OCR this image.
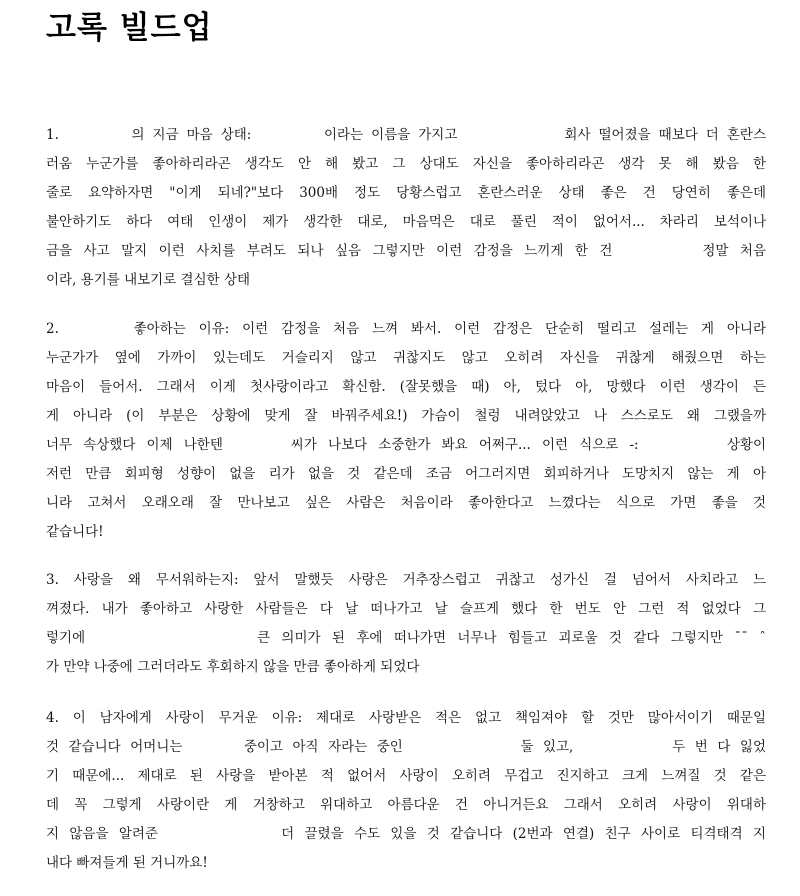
고록 빌드업
1.　　　　의 지금 마음 상태:　　　　이라는 이름을 가지고　　　　　　회사 떨어졌을 때보다 더 혼란스
러움 누군가를 좋아하리라곤 생각도 안 해 봤고 그 상대도 자신을 좋아하리라곤 생각 못 해 봤음 한
줄로 요약하자면 "이게 되네?"보다 300배 정도 당황스럽고 혼란스러운 상태 좋은 건 당연히 좋은데
불안하기도 하다 여태 인생이 제가 생각한 대로, 마음먹은 대로 풀린 적이 없어서... 차라리 보석이나
금을 사고 말지 이런 사치를 부려도 되나 싶음 그렇지만 이런 감정을 느끼게 한 건　　　　정말 처음
이라, 용기를 내보기로 결심한 상태
2.　　　좋아하는 이유: 이런 감정을 처음 느껴 봐서. 이런 감정은 단순히 떨리고 설레는 게 아니라
누군가가 옆에 가까이 있는데도 거슬리지 않고 귀찮지도 않고 오히려 자신을 귀찮게 해줬으면 하는
마음이 들어서. 그래서 이게 첫사랑이라고 확신함. (잘못했을 때) 아, 텄다 아, 망했다 이런 생각이 든
게 아니라 (이 부분은 상황에 맞게 잘 바꿔주세요!) 가슴이 철렁 내려앉았고 나 스스로도 왜 그랬을까
너무 속상했다 이제 나한텐　　　씨가 나보다 소중한가 봐요 어쩌구... 이런 식으로 -:　　　　상황이
저런 만큼 회피형 성향이 없을 리가 없을 것 같은데 조금 어그러지면 회피하거나 도망치지 않는 게 아
니라 고쳐서 오래오래 잘 만나보고 싶은 사람은 처음이라 좋아한다고 느꼈다는 식으로 가면 좋을 것
같습니다!
3. 사랑을 왜 무서워하는지: 앞서 말했듯 사랑은 거추장스럽고 귀찮고 성가신 걸 넘어서 사치라고 느
껴졌다. 내가 좋아하고 사랑한 사람들은 다 날 떠나가고 날 슬프게 했다 한 번도 안 그런 적 없었다 그
렇기에　　　　　　　　큰 의미가 된 후에 떠나가면 너무나 힘들고 괴로울 것 같다 그렇지만 ˉˉ ˆ
가 만약 나중에 그러더라도 후회하지 않을 만큼 좋아하게 되었다
4. 이 남자에게 사랑이 무거운 이유: 제대로 사랑받은 적은 없고 책임져야 할 것만 많아서이기 때문일
것 같습니다 어머니는　　　중이고 아직 자라는 중인　　　　　　둘 있고,　　　　　두 번 다 잃었
기 때문에... 제대로 된 사랑을 받아본 적 없어서 사랑이 오히려 무겁고 진지하고 크게 느껴질 것 같은
데 꼭 그렇게 사랑이란 게 거창하고 위대하고 아름다운 건 아니거든요 그래서 오히려 사랑이 위대하
지 않음을 알려준　　　　　　더 끌렸을 수도 있을 것 같습니다 (2번과 연결) 친구 사이로 티격태격 지
내다 빠져들게 된 거니까요!
